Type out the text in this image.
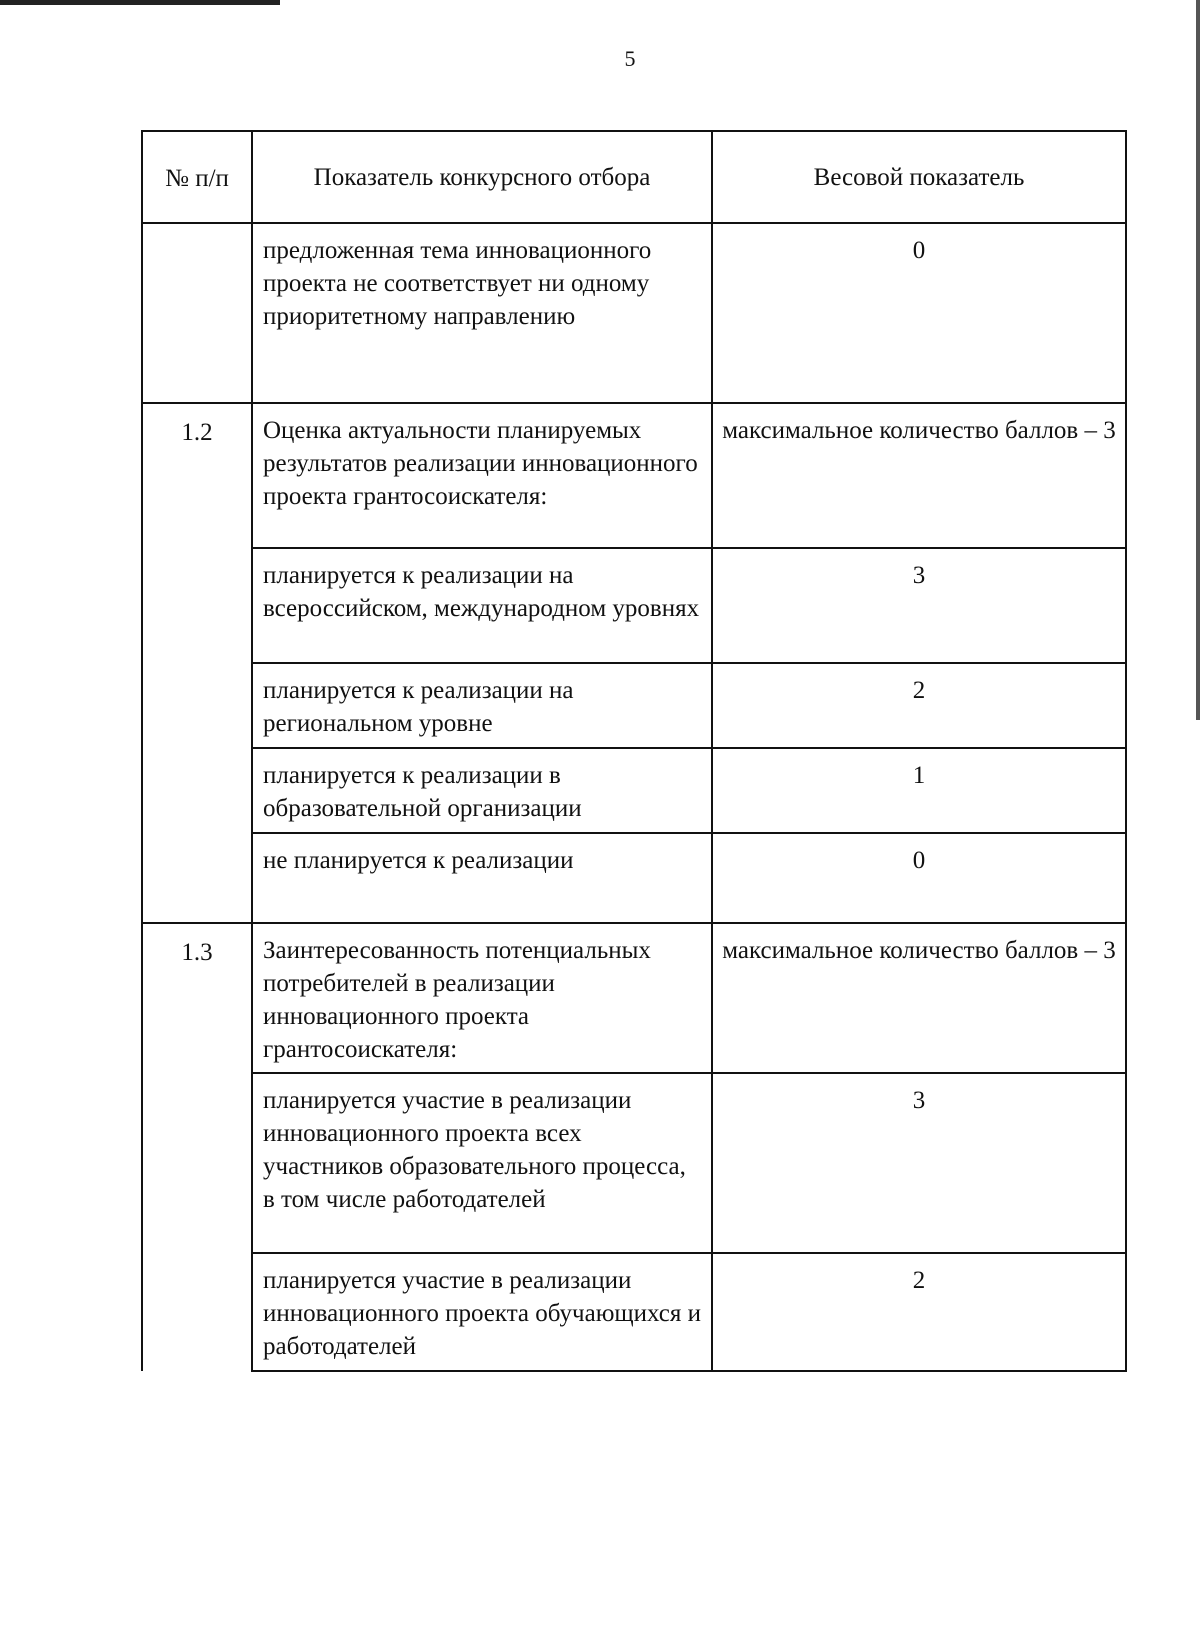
5
№ п/п	Показатель конкурсного отбора	Весовой показатель
	предложенная тема инновационного проекта не соответствует ни одному приоритетному направлению	0
1.2	Оценка актуальности планируемых результатов реализации инновационного проекта грантосоискателя:	максимальное количество баллов – 3
	планируется к реализации на всероссийском, международном уровнях	3
	планируется к реализации на региональном уровне	2
	планируется к реализации в образовательной организации	1
	не планируется к реализации	0
1.3	Заинтересованность потенциальных потребителей в реализации инновационного проекта грантосоискателя:	максимальное количество баллов – 3
	планируется участие в реализации инновационного проекта всех участников образовательного процесса, в том числе работодателей	3
	планируется участие в реализации инновационного проекта обучающихся и работодателей	2
